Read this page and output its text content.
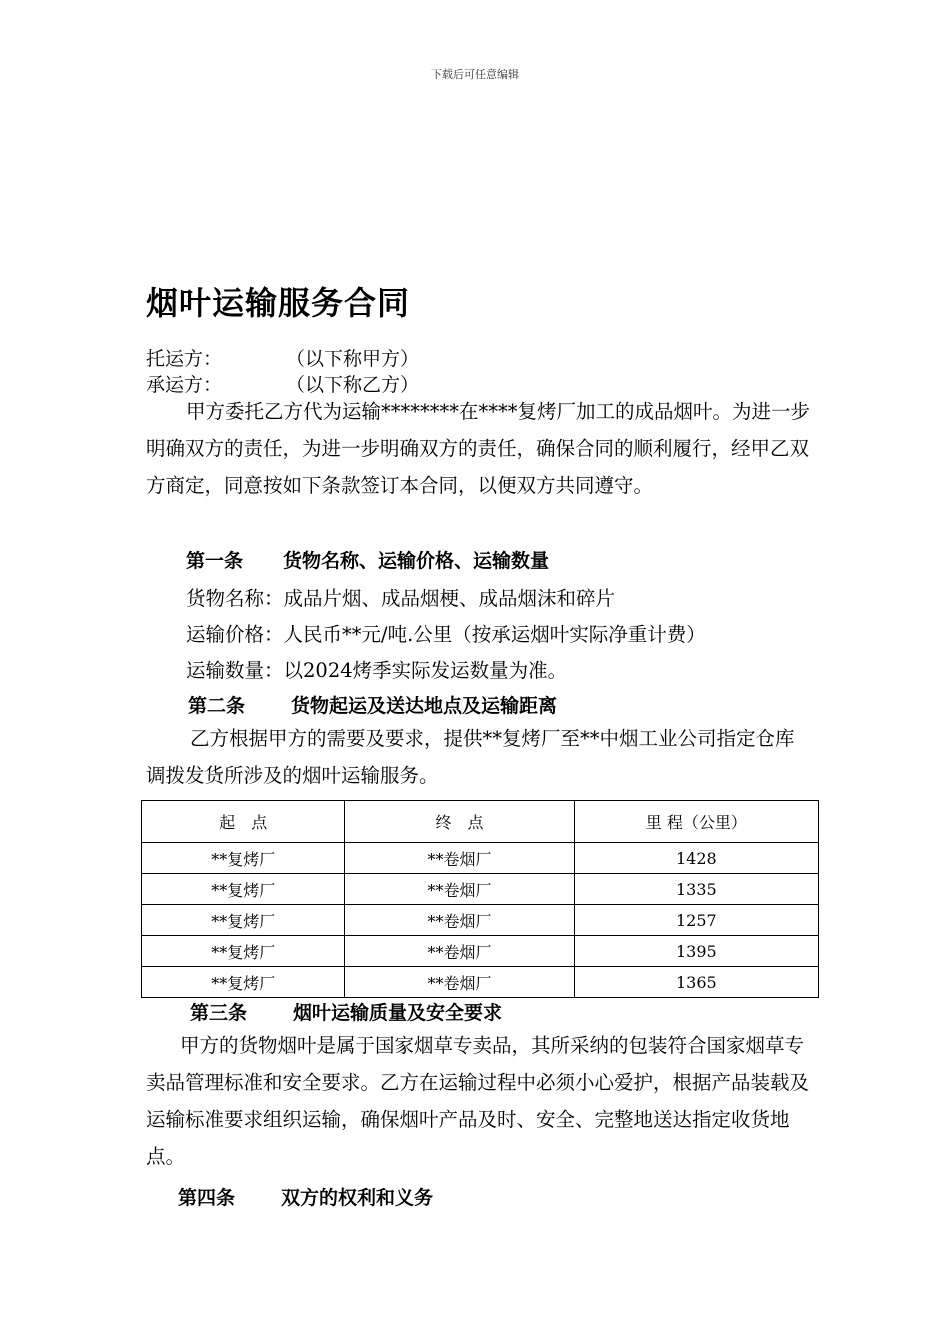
下载后可任意编辑
烟叶运输服务合同
托运方：	（以下称甲方）
承运方：	（以下称乙方）

甲方委托乙方代为运输********在****复烤厂加工的成品烟叶。为进一步明确双方的责任，为进一步明确双方的责任，确保合同的顺利履行，经甲乙双方商定，同意按如下条款签订本合同，以便双方共同遵守。

第一条 货物名称、运输价格、运输数量
货物名称：成品片烟、成品烟梗、成品烟沫和碎片
运输价格：人民币**元/吨.公里（按承运烟叶实际净重计费）
运输数量：以2024烤季实际发运数量为准。
第二条 货物起运及送达地点及运输距离

乙方根据甲方的需要及要求，提供**复烤厂至**中烟工业公司指定仓库调拨发货所涉及的烟叶运输服务。

起　点	终　点	里 程（公里）
**复烤厂	**卷烟厂	1428
**复烤厂	**卷烟厂	1335
**复烤厂	**卷烟厂	1257
**复烤厂	**卷烟厂	1395
**复烤厂	**卷烟厂	1365
第三条 烟叶运输质量及安全要求

甲方的货物烟叶是属于国家烟草专卖品，其所采纳的包装符合国家烟草专卖品管理标准和安全要求。乙方在运输过程中必须小心爱护，根据产品装载及运输标准要求组织运输，确保烟叶产品及时、安全、完整地送达指定收货地点。

第四条 双方的权利和义务
